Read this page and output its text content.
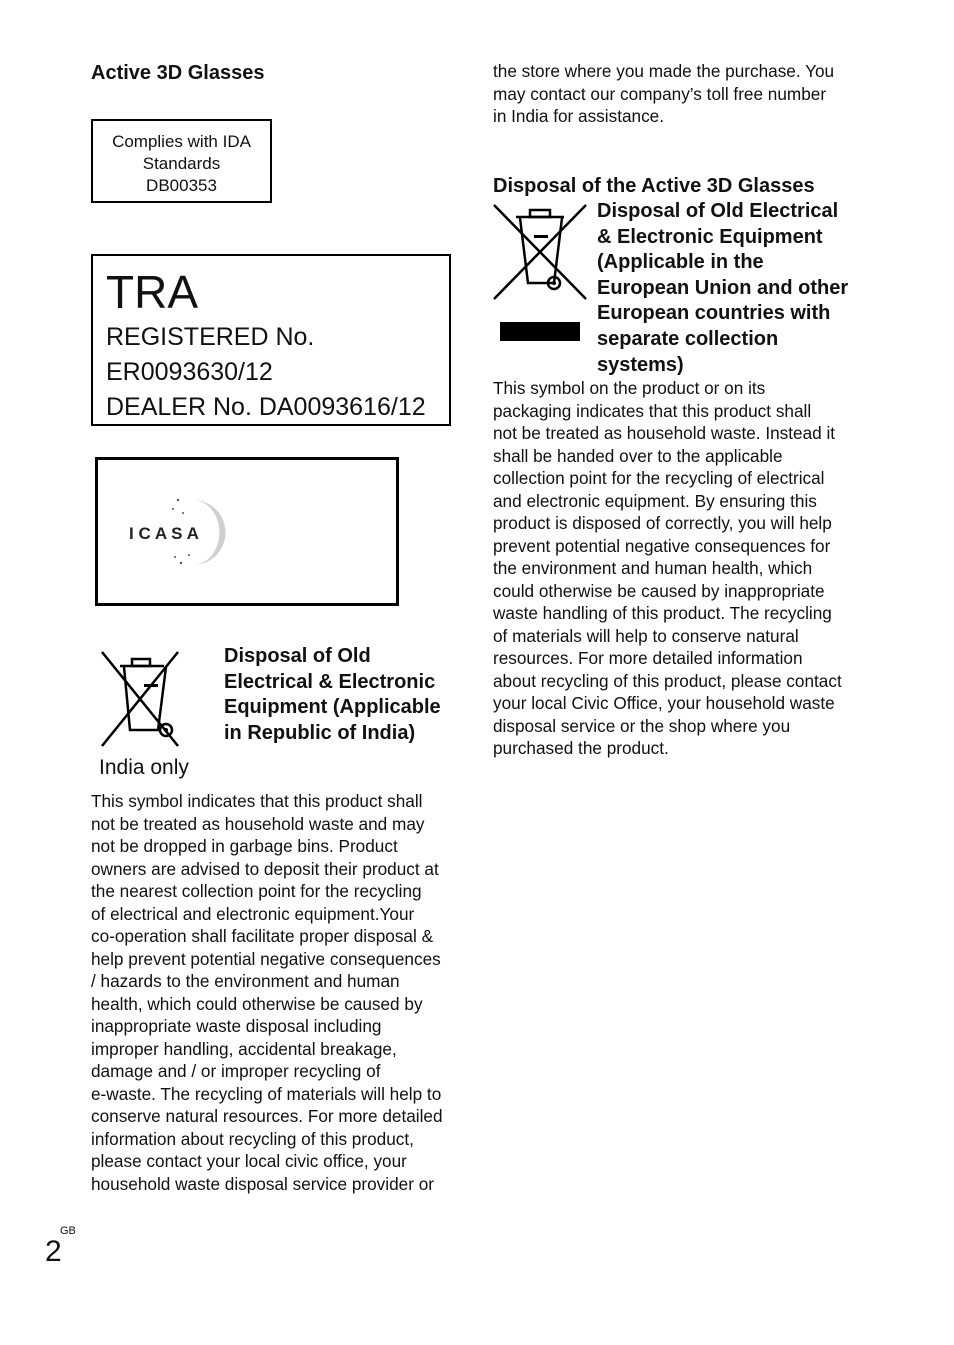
Active 3D Glasses
Complies with IDA
Standards
DB00353
TRA
REGISTERED No.
ER0093630/12
DEALER No. DA0093616/12
I C A S A
India only
Disposal of Old
Electrical & Electronic
Equipment (Applicable
in Republic of India)
This symbol indicates that this product shall
not be treated as household waste and may
not be dropped in garbage bins. Product
owners are advised to deposit their product at
the nearest collection point for the recycling
of electrical and electronic equipment.Your
co-operation shall facilitate proper disposal &
help prevent potential negative consequences
/ hazards to the environment and human
health, which could otherwise be caused by
inappropriate waste disposal including
improper handling, accidental breakage,
damage and / or improper recycling of
e-waste. The recycling of materials will help to
conserve natural resources. For more detailed
information about recycling of this product,
please contact your local civic office, your
household waste disposal service provider or
the store where you made the purchase. You
may contact our company’s toll free number
in India for assistance.
Disposal of the Active 3D Glasses
Disposal of Old Electrical
& Electronic Equipment
(Applicable in the
European Union and other
European countries with
separate collection
systems)
This symbol on the product or on its
packaging indicates that this product shall
not be treated as household waste. Instead it
shall be handed over to the applicable
collection point for the recycling of electrical
and electronic equipment. By ensuring this
product is disposed of correctly, you will help
prevent potential negative consequences for
the environment and human health, which
could otherwise be caused by inappropriate
waste handling of this product. The recycling
of materials will help to conserve natural
resources. For more detailed information
about recycling of this product, please contact
your local Civic Office, your household waste
disposal service or the shop where you
purchased the product.
2
GB
